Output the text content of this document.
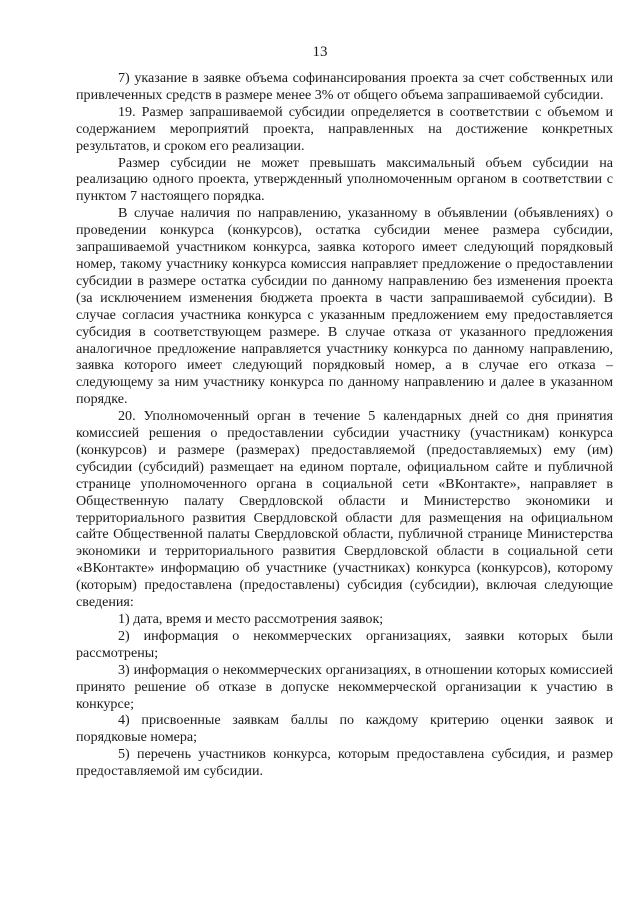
13

7) указание в заявке объема софинансирования проекта за счет собственных или привлеченных средств в размере менее 3% от общего объема запрашиваемой субсидии.

19. Размер запрашиваемой субсидии определяется в соответствии с объемом и содержанием мероприятий проекта, направленных на достижение конкретных результатов, и сроком его реализации.

Размер субсидии не может превышать максимальный объем субсидии на реализацию одного проекта, утвержденный уполномоченным органом в соответствии с пунктом 7 настоящего порядка.

В случае наличия по направлению, указанному в объявлении (объявлениях) о проведении конкурса (конкурсов), остатка субсидии менее размера субсидии, запрашиваемой участником конкурса, заявка которого имеет следующий порядковый номер, такому участнику конкурса комиссия направляет предложение о предоставлении субсидии в размере остатка субсидии по данному направлению без изменения проекта (за исключением изменения бюджета проекта в части запрашиваемой субсидии). В случае согласия участника конкурса с указанным предложением ему предоставляется субсидия в соответствующем размере. В случае отказа от указанного предложения аналогичное предложение направляется участнику конкурса по данному направлению, заявка которого имеет следующий порядковый номер, а в случае его отказа – следующему за ним участнику конкурса по данному направлению и далее в указанном порядке.

20. Уполномоченный орган в течение 5 календарных дней со дня принятия комиссией решения о предоставлении субсидии участнику (участникам) конкурса (конкурсов) и размере (размерах) предоставляемой (предоставляемых) ему (им) субсидии (субсидий) размещает на едином портале, официальном сайте и публичной странице уполномоченного органа в социальной сети «ВКонтакте», направляет в Общественную палату Свердловской области и Министерство экономики и территориального развития Свердловской области для размещения на официальном сайте Общественной палаты Свердловской области, публичной странице Министерства экономики и территориального развития Свердловской области в социальной сети «ВКонтакте» информацию об участнике (участниках) конкурса (конкурсов), которому (которым) предоставлена (предоставлены) субсидия (субсидии), включая следующие сведения:

1) дата, время и место рассмотрения заявок;

2) информация о некоммерческих организациях, заявки которых были рассмотрены;

3) информация о некоммерческих организациях, в отношении которых комиссией принято решение об отказе в допуске некоммерческой организации к участию в конкурсе;

4) присвоенные заявкам баллы по каждому критерию оценки заявок и порядковые номера;

5) перечень участников конкурса, которым предоставлена субсидия, и размер предоставляемой им субсидии.
